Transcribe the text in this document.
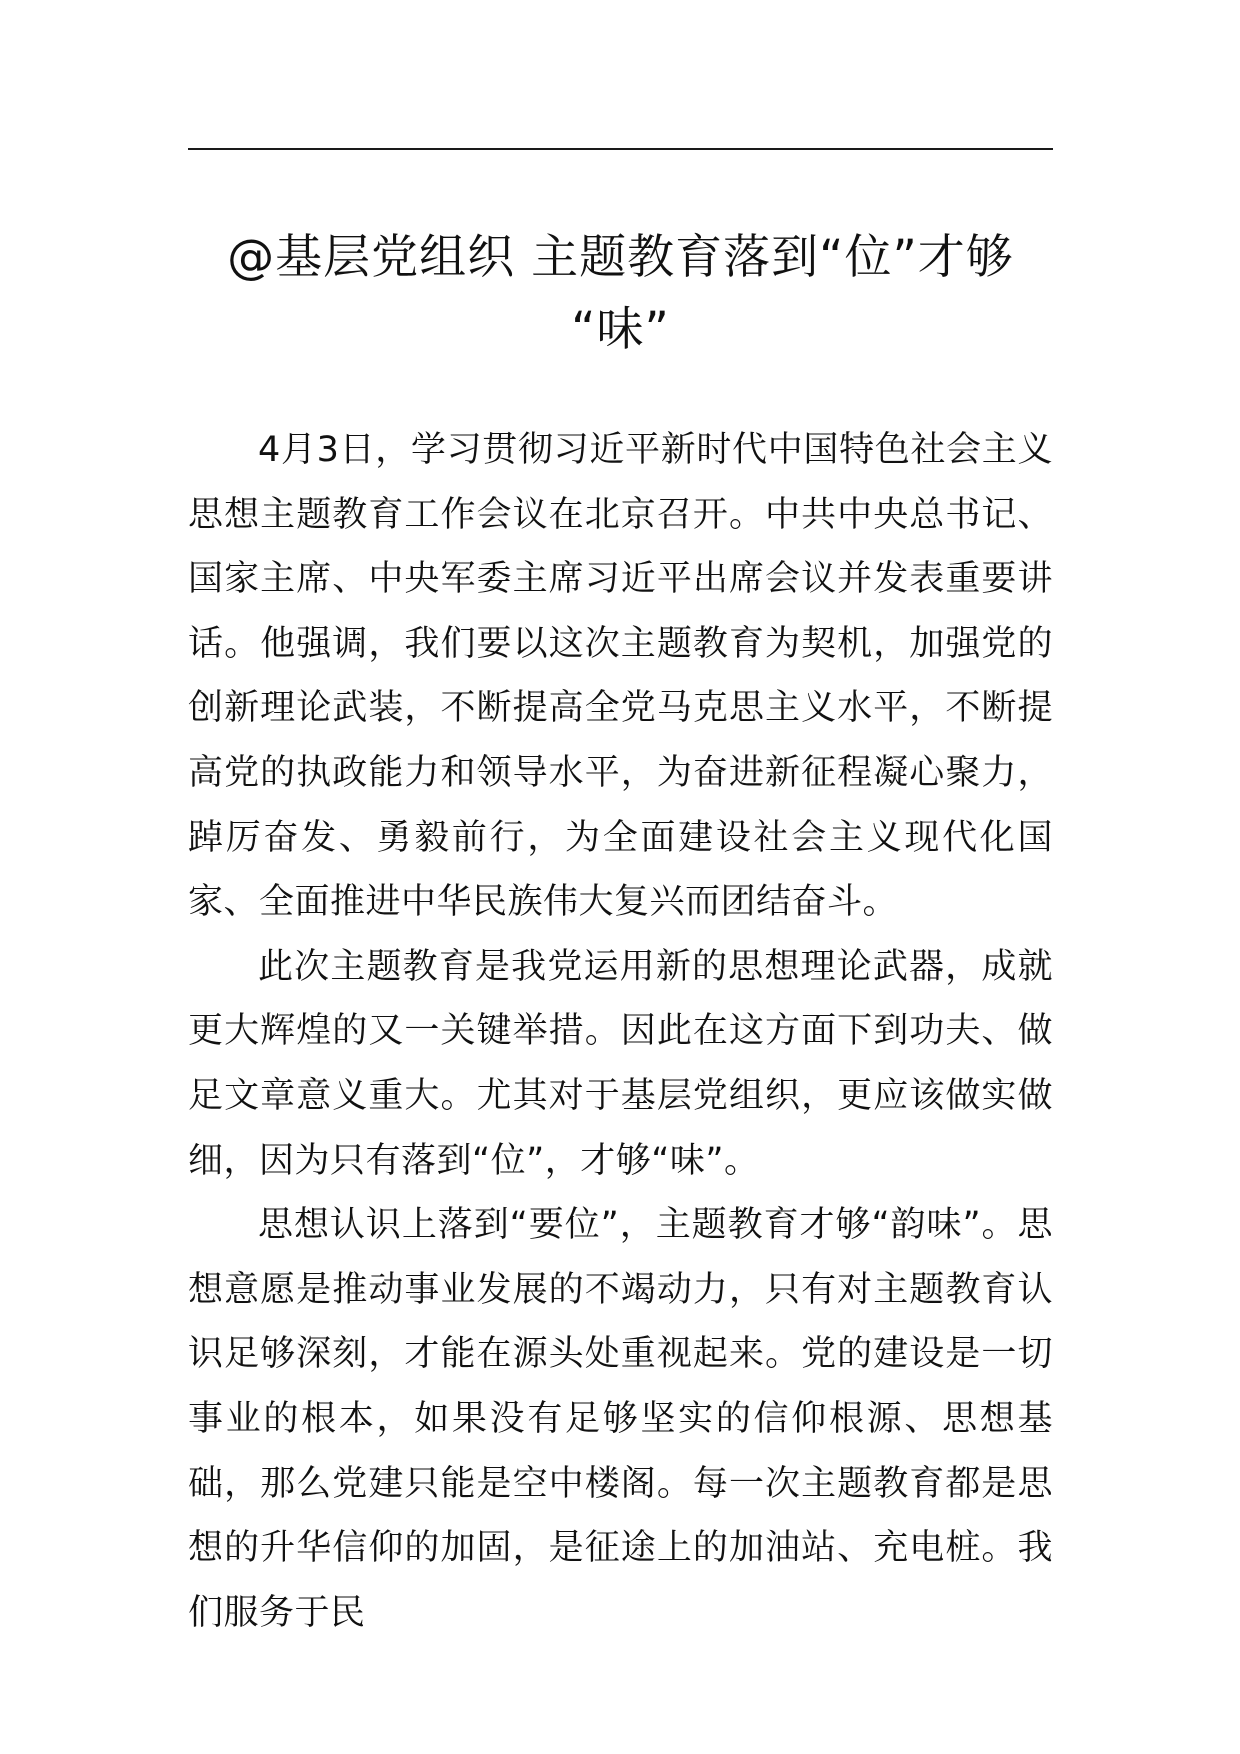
@基层党组织 主题教育落到“位”才够
“味”

4月3日，学习贯彻习近平新时代中国特色社会主义思想主题教育工作会议在北京召开。中共中央总书记、国家主席、中央军委主席习近平出席会议并发表重要讲话。他强调，我们要以这次主题教育为契机，加强党的创新理论武装，不断提高全党马克思主义水平，不断提高党的执政能力和领导水平，为奋进新征程凝心聚力，踔厉奋发、勇毅前行，为全面建设社会主义现代化国家、全面推进中华民族伟大复兴而团结奋斗。

此次主题教育是我党运用新的思想理论武器，成就更大辉煌的又一关键举措。因此在这方面下到功夫、做足文章意义重大。尤其对于基层党组织，更应该做实做细，因为只有落到“位”，才够“味”。

思想认识上落到“要位”，主题教育才够“韵味”。思想意愿是推动事业发展的不竭动力，只有对主题教育认识足够深刻，才能在源头处重视起来。党的建设是一切事业的根本，如果没有足够坚实的信仰根源、思想基础，那么党建只能是空中楼阁。每一次主题教育都是思想的升华信仰的加固，是征途上的加油站、充电桩。我们服务于民
